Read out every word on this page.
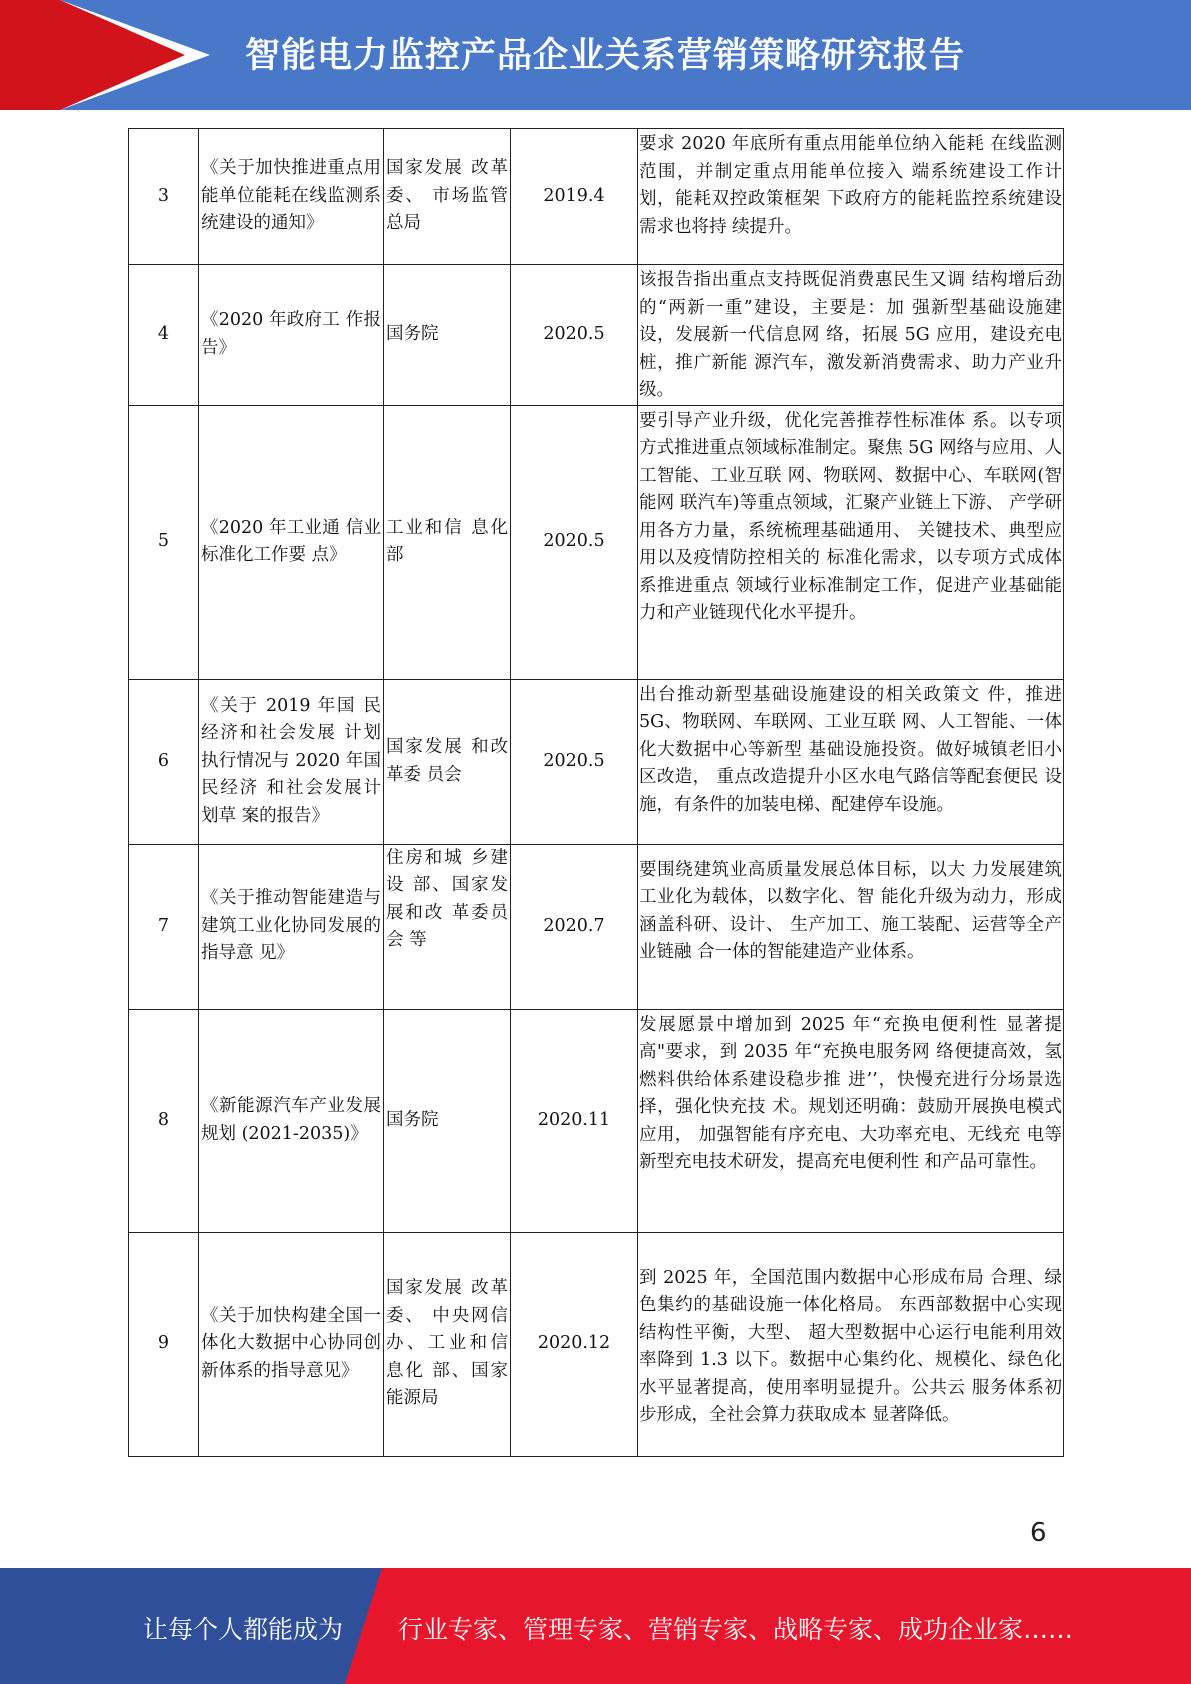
智能电力监控产品企业关系营销策略研究报告
3	《关于加快推进重点用能单位能耗在线监测系统建设的通知》	国家发展 改革委、 市场监管 总局	2019.4	要求 2020 年底所有重点用能单位纳入能耗 在线监测范围，并制定重点用能单位接入 端系统建设工作计划，能耗双控政策框架 下政府方的能耗监控系统建设需求也将持 续提升。
4	《2020 年政府工 作报告》	国务院	2020.5	该报告指出重点支持既促消费惠民生又调 结构增后劲的“两新一重”建设，主要是：加 强新型基础设施建设，发展新一代信息网 络，拓展 5G 应用，建设充电桩，推广新能 源汽车，激发新消费需求、助力产业升级。
5	《2020 年工业通 信业标准化工作要 点》	工业和信 息化部	2020.5	要引导产业升级，优化完善推荐性标准体 系。以专项方式推进重点领域标准制定。聚焦 5G 网络与应用、人工智能、工业互联 网、物联网、数据中心、车联网(智能网 联汽车)等重点领域，汇聚产业链上下游、 产学研用各方力量，系统梳理基础通用、 关键技术、典型应用以及疫情防控相关的 标准化需求，以专项方式成体系推进重点 领域行业标准制定工作，促进产业基础能 力和产业链现代化水平提升。
6	《关于 2019 年国 民经济和社会发展 计划执行情况与 2020 年国民经济 和社会发展计划草 案的报告》	国家发展 和改革委 员会	2020.5	出台推动新型基础设施建设的相关政策文 件，推进 5G、物联网、车联网、工业互联 网、人工智能、一体化大数据中心等新型 基础设施投资。做好城镇老旧小区改造， 重点改造提升小区水电气路信等配套便民 设施，有条件的加装电梯、配建停车设施。
7	《关于推动智能建造与建筑工业化协同发展的指导意 见》	住房和城 乡建设 部、国家发展和改 革委员会 等	2020.7	要围绕建筑业高质量发展总体目标，以大 力发展建筑工业化为载体，以数字化、智 能化升级为动力，形成涵盖科研、设计、 生产加工、施工装配、运营等全产业链融 合一体的智能建造产业体系。
8	《新能源汽车产业发展规划 (2021-2035)》	国务院	2020.11	发展愿景中增加到 2025 年“充换电便利性 显著提高"要求，到 2035 年“充换电服务网 络便捷高效，氢燃料供给体系建设稳步推 进’’，快慢充进行分场景选择，强化快充技 术。规划还明确：鼓励开展换电模式应用， 加强智能有序充电、大功率充电、无线充 电等新型充电技术研发，提高充电便利性 和产品可靠性。
9	《关于加快构建全国一体化大数据中心协同创新体系的指导意见》	国家发展 改革委、 中央网信 办、工业和信息化 部、国家 能源局	2020.12	到 2025 年，全国范围内数据中心形成布局 合理、绿色集约的基础设施一体化格局。 东西部数据中心实现结构性平衡，大型、 超大型数据中心运行电能利用效率降到 1.3 以下。数据中心集约化、规模化、绿色化 水平显著提高，使用率明显提升。公共云 服务体系初步形成，全社会算力获取成本 显著降低。
6
让每个人都能成为 行业专家、管理专家、营销专家、战略专家、成功企业家……
